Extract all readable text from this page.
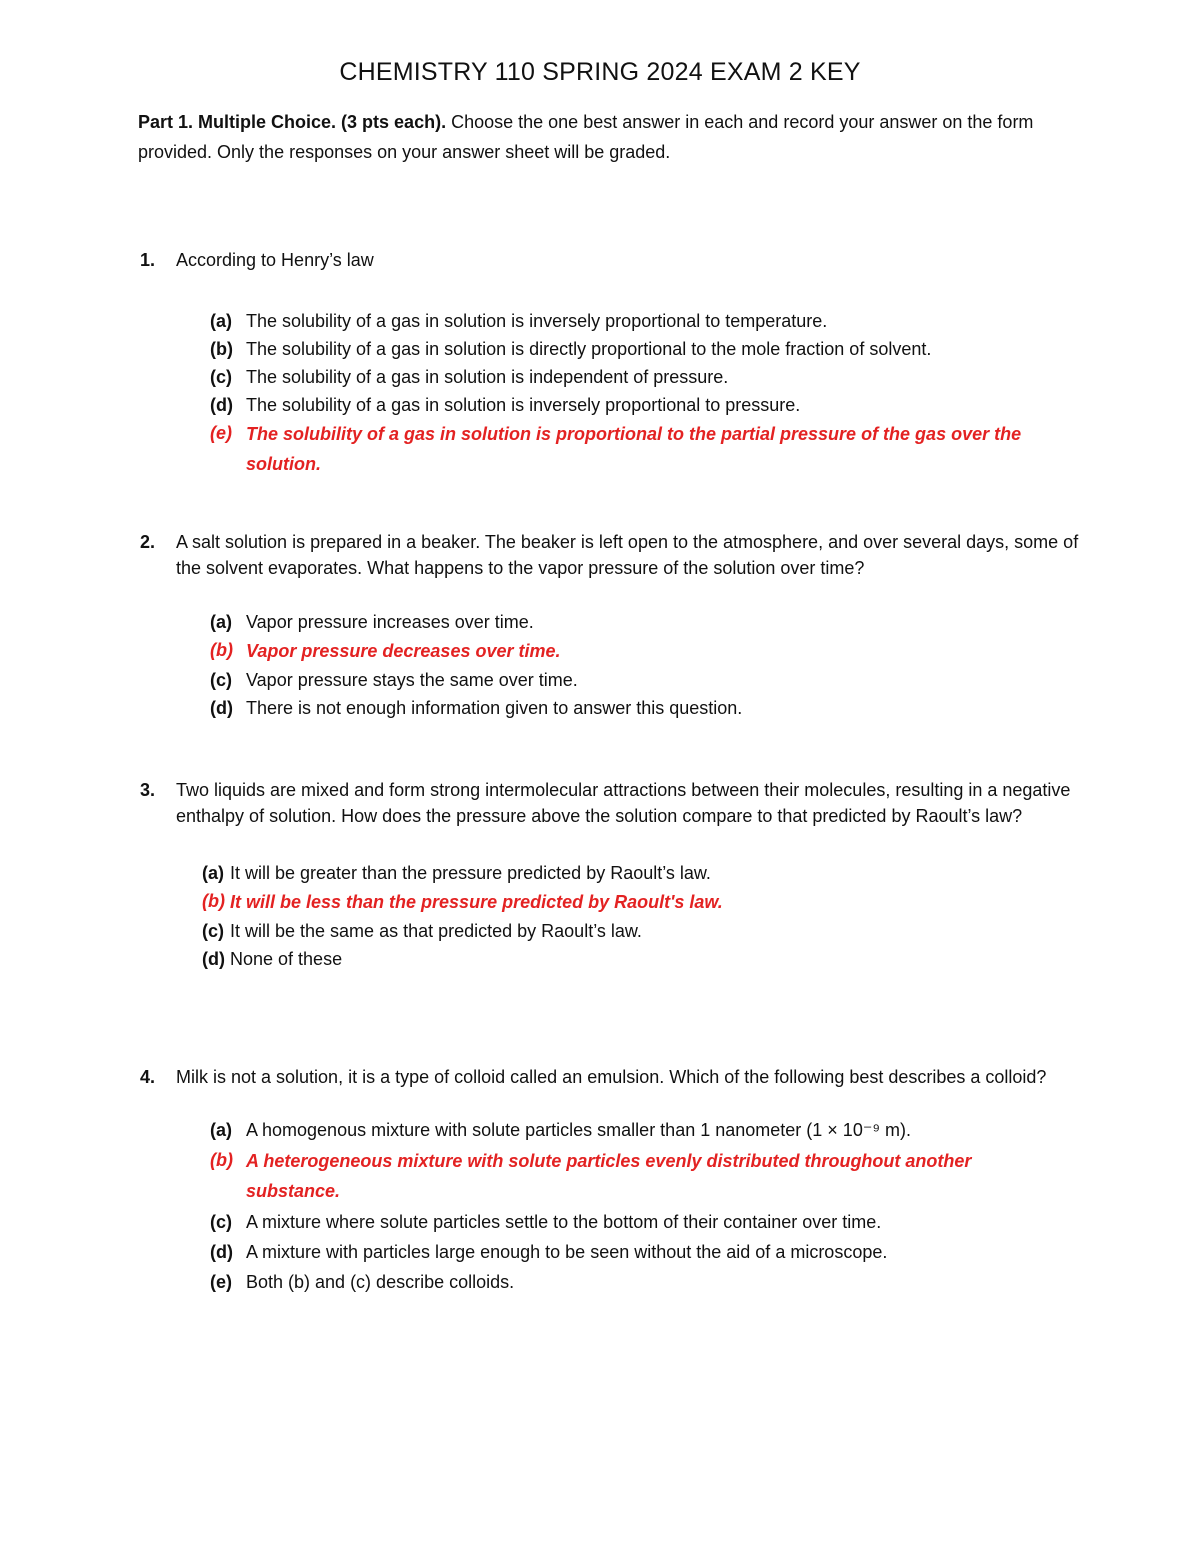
CHEMISTRY 110 SPRING 2024 EXAM 2 KEY
Part 1. Multiple Choice. (3 pts each). Choose the one best answer in each and record your answer on the form provided. Only the responses on your answer sheet will be graded.
1. According to Henry’s law
(a) The solubility of a gas in solution is inversely proportional to temperature.
(b) The solubility of a gas in solution is directly proportional to the mole fraction of solvent.
(c) The solubility of a gas in solution is independent of pressure.
(d) The solubility of a gas in solution is inversely proportional to pressure.
(e) The solubility of a gas in solution is proportional to the partial pressure of the gas over the solution.
2. A salt solution is prepared in a beaker. The beaker is left open to the atmosphere, and over several days, some of the solvent evaporates. What happens to the vapor pressure of the solution over time?
(a) Vapor pressure increases over time.
(b) Vapor pressure decreases over time.
(c) Vapor pressure stays the same over time.
(d) There is not enough information given to answer this question.
3. Two liquids are mixed and form strong intermolecular attractions between their molecules, resulting in a negative enthalpy of solution. How does the pressure above the solution compare to that predicted by Raoult’s law?
(a) It will be greater than the pressure predicted by Raoult’s law.
(b) It will be less than the pressure predicted by Raoult's law.
(c) It will be the same as that predicted by Raoult’s law.
(d) None of these
4. Milk is not a solution, it is a type of colloid called an emulsion. Which of the following best describes a colloid?
(a) A homogenous mixture with solute particles smaller than 1 nanometer (1 × 10⁻⁹ m).
(b) A heterogeneous mixture with solute particles evenly distributed throughout another substance.
(c) A mixture where solute particles settle to the bottom of their container over time.
(d) A mixture with particles large enough to be seen without the aid of a microscope.
(e) Both (b) and (c) describe colloids.
